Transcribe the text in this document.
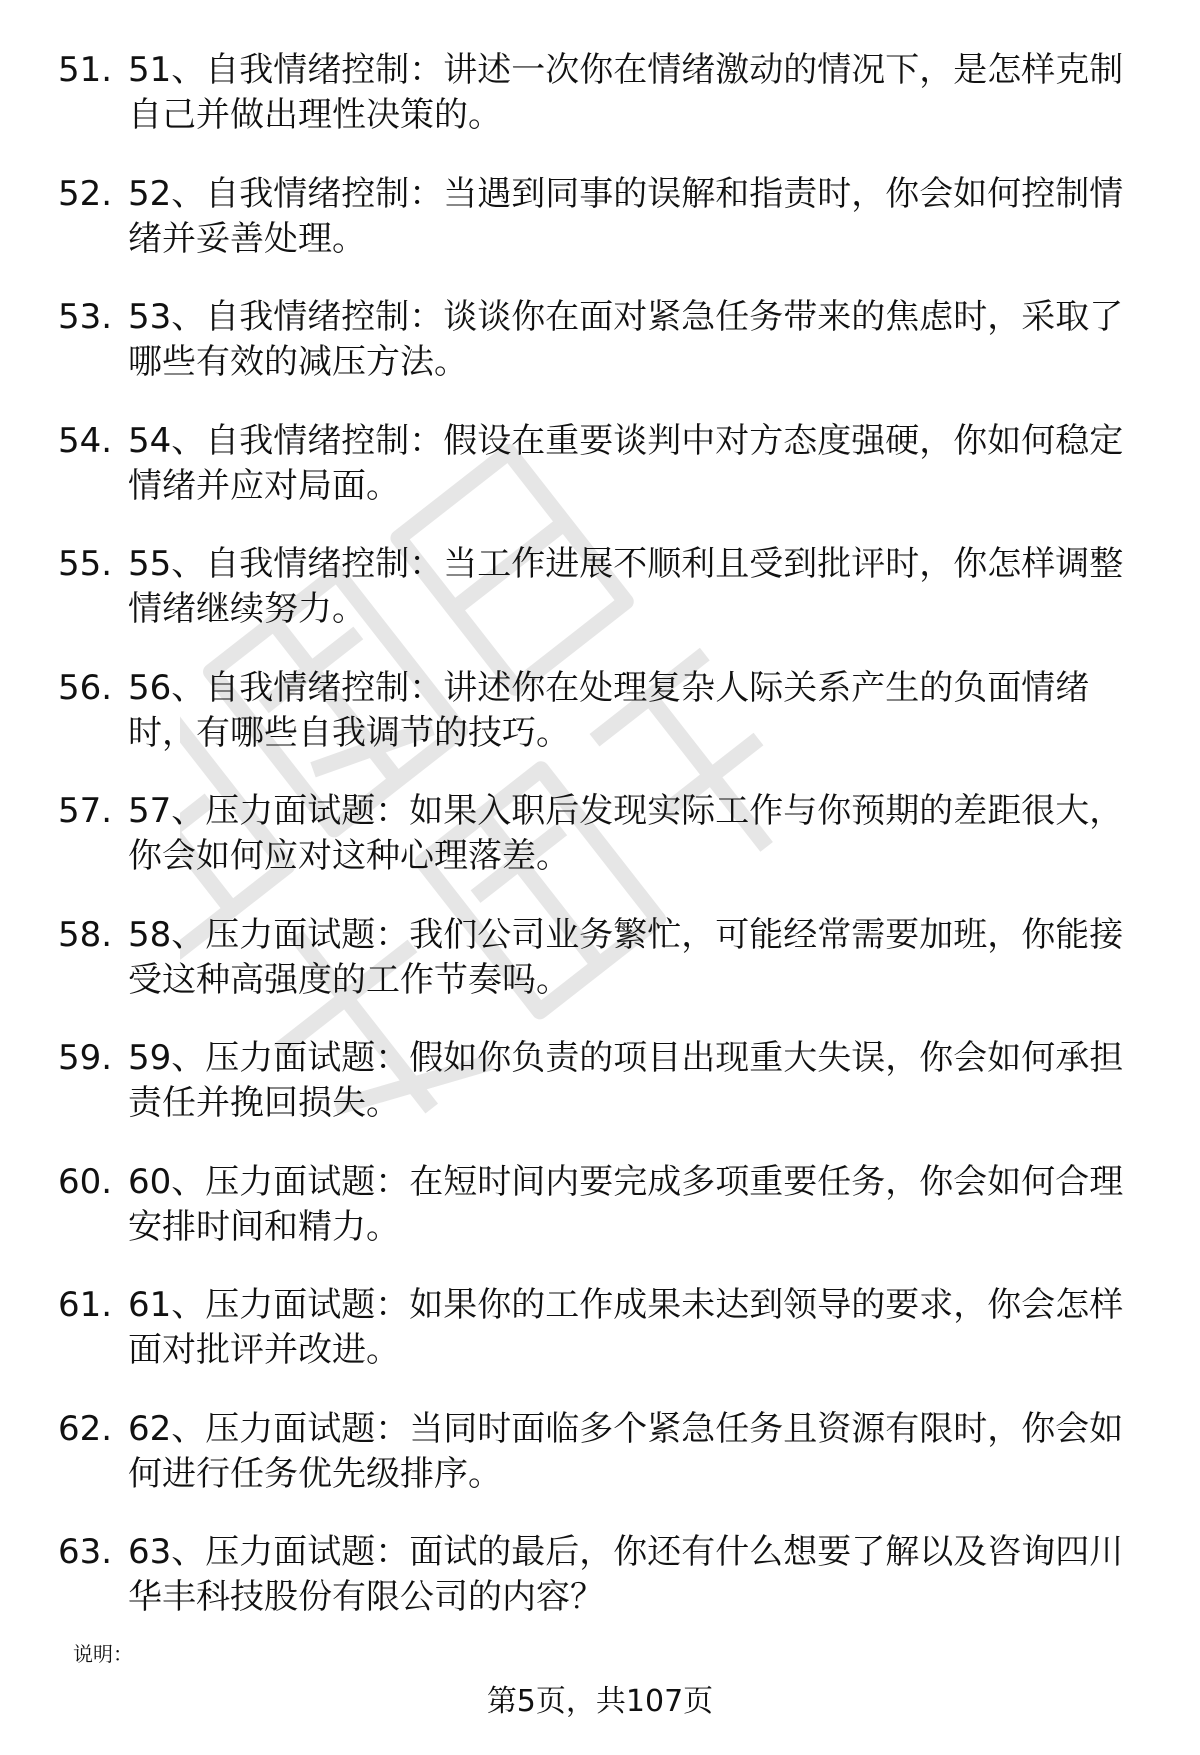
51. 51、自我情绪控制：讲述一次你在情绪激动的情况下，是怎样克制自己并做出理性决策的。
52. 52、自我情绪控制：当遇到同事的误解和指责时，你会如何控制情绪并妥善处理。
53. 53、自我情绪控制：谈谈你在面对紧急任务带来的焦虑时，采取了哪些有效的减压方法。
54. 54、自我情绪控制：假设在重要谈判中对方态度强硬，你如何稳定情绪并应对局面。
55. 55、自我情绪控制：当工作进展不顺利且受到批评时，你怎样调整情绪继续努力。
56. 56、自我情绪控制：讲述你在处理复杂人际关系产生的负面情绪时，有哪些自我调节的技巧。
57. 57、压力面试题：如果入职后发现实际工作与你预期的差距很大，你会如何应对这种心理落差。
58. 58、压力面试题：我们公司业务繁忙，可能经常需要加班，你能接受这种高强度的工作节奏吗。
59. 59、压力面试题：假如你负责的项目出现重大失误，你会如何承担责任并挽回损失。
60. 60、压力面试题：在短时间内要完成多项重要任务，你会如何合理安排时间和精力。
61. 61、压力面试题：如果你的工作成果未达到领导的要求，你会怎样面对批评并改进。
62. 62、压力面试题：当同时面临多个紧急任务且资源有限时，你会如何进行任务优先级排序。
63. 63、压力面试题：面试的最后，你还有什么想要了解以及咨询四川华丰科技股份有限公司的内容？
说明：
第5页，共107页
